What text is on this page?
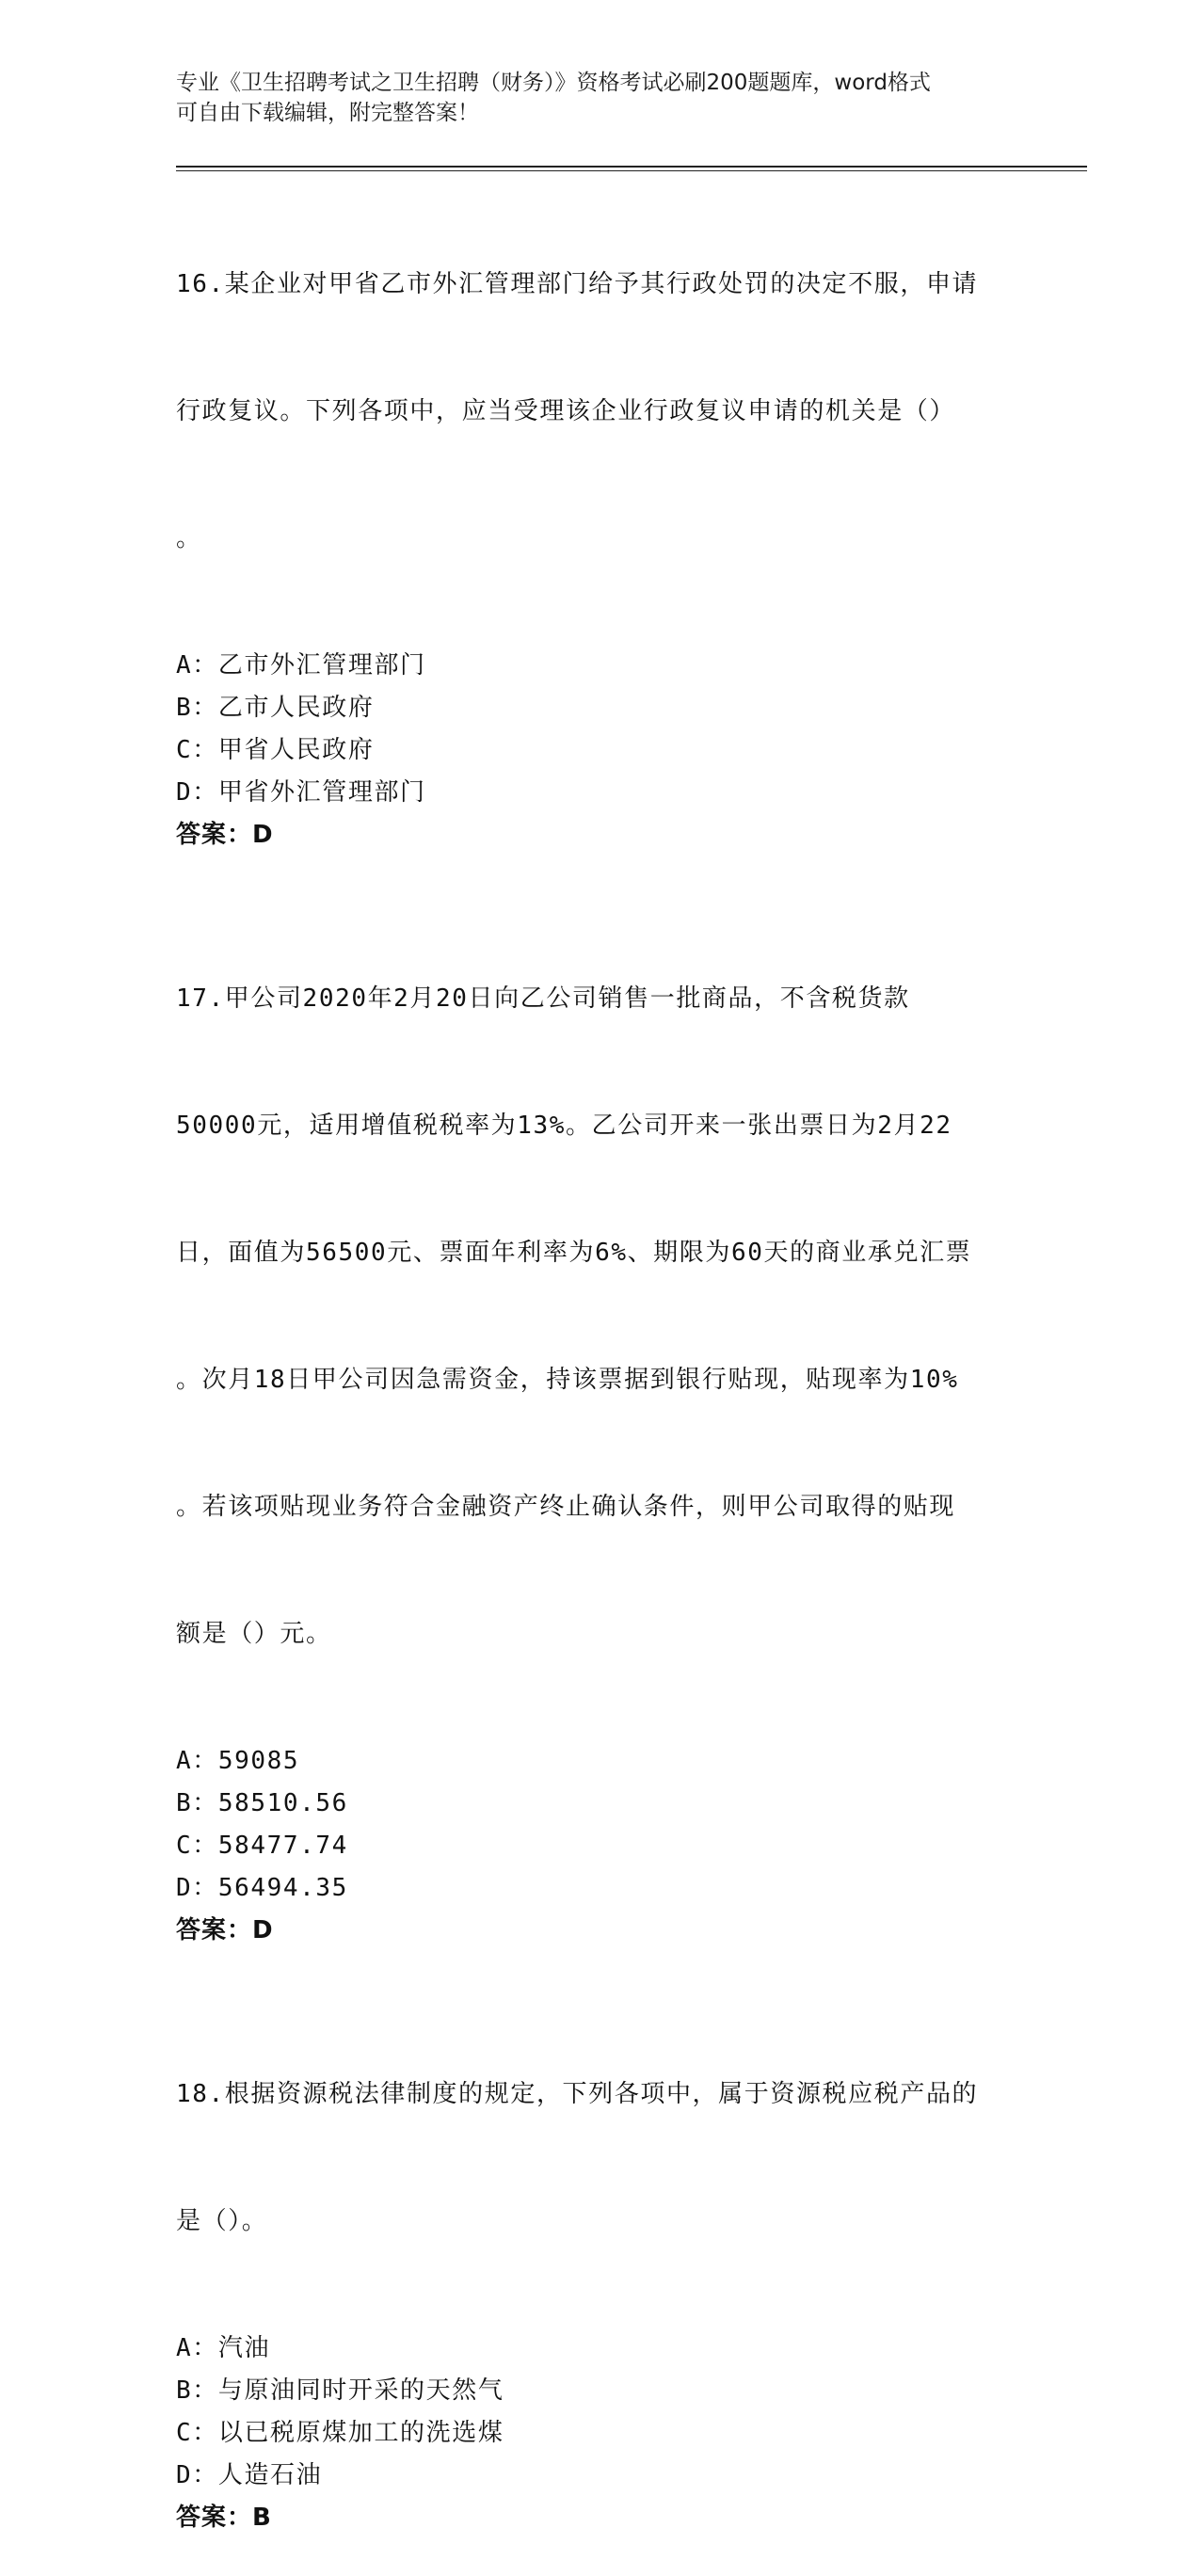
专业《卫生招聘考试之卫生招聘（财务）》资格考试必刷200题题库，word格式
可自由下载编辑，附完整答案！

16.某企业对甲省乙市外汇管理部门给予其行政处罚的决定不服，申请

行政复议。下列各项中，应当受理该企业行政复议申请的机关是（）

。

A：乙市外汇管理部门
B：乙市人民政府
C：甲省人民政府
D：甲省外汇管理部门
答案：D

17.甲公司2020年2月20日向乙公司销售一批商品，不含税货款

50000元，适用增值税税率为13%。乙公司开来一张出票日为2月22

日，面值为56500元、票面年利率为6%、期限为60天的商业承兑汇票

。次月18日甲公司因急需资金，持该票据到银行贴现，贴现率为10%

。若该项贴现业务符合金融资产终止确认条件，则甲公司取得的贴现

额是（）元。

A：59085
B：58510.56
C：58477.74
D：56494.35
答案：D

18.根据资源税法律制度的规定，下列各项中，属于资源税应税产品的

是（）。

A：汽油
B：与原油同时开采的天然气
C：以已税原煤加工的洗选煤
D：人造石油
答案：B
